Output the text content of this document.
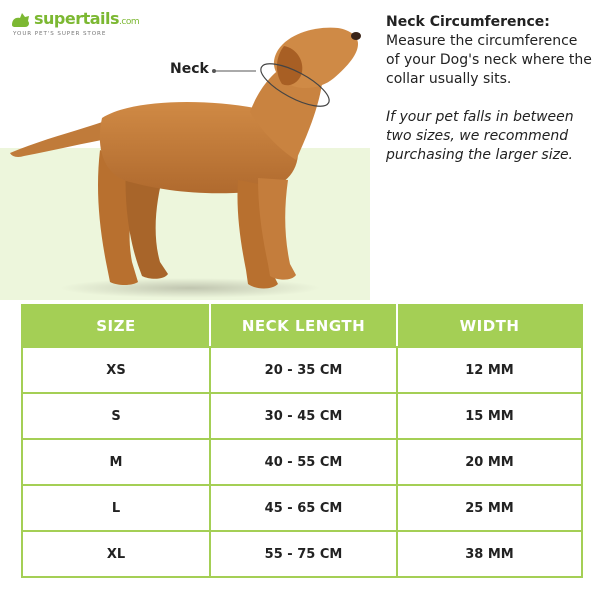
supertails.com
YOUR PET'S SUPER STORE
Neck
Neck Circumference:

Measure the circumference of your Dog's neck where the collar usually sits.

If your pet falls in between two sizes, we recommend purchasing the larger size.

SIZE	NECK LENGTH	WIDTH
XS	20 - 35 CM	12 MM
S	30 - 45 CM	15 MM
M	40 - 55 CM	20 MM
L	45 - 65 CM	25 MM
XL	55 - 75 CM	38 MM
